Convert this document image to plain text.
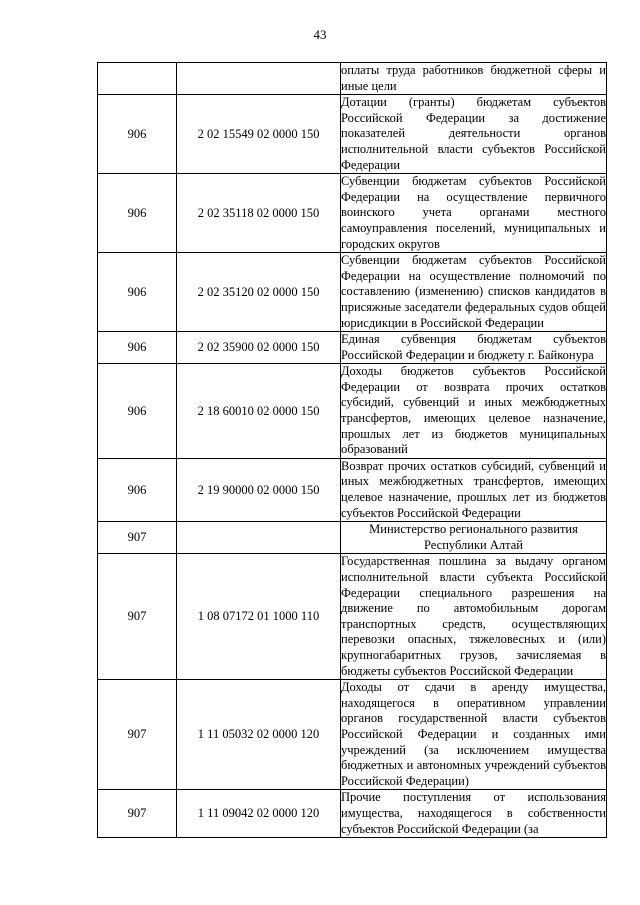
43
		оплаты труда работников бюджетной сферы и иные цели
906	2 02 15549 02 0000 150	Дотации (гранты) бюджетам субъектов Российской Федерации за достижение показателей деятельности органов исполнительной власти субъектов Российской Федерации
906	2 02 35118 02 0000 150	Субвенции бюджетам субъектов Российской Федерации на осуществление первичного воинского учета органами местного самоуправления поселений, муниципальных и городских округов
906	2 02 35120 02 0000 150	Субвенции бюджетам субъектов Российской Федерации на осуществление полномочий по составлению (изменению) списков кандидатов в присяжные заседатели федеральных судов общей юрисдикции в Российской Федерации
906	2 02 35900 02 0000 150	Единая субвенция бюджетам субъектов Российской Федерации и бюджету г. Байконура
906	2 18 60010 02 0000 150	Доходы бюджетов субъектов Российской Федерации от возврата прочих остатков субсидий, субвенций и иных межбюджетных трансфертов, имеющих целевое назначение, прошлых лет из бюджетов муниципальных образований
906	2 19 90000 02 0000 150	Возврат прочих остатков субсидий, субвенций и иных межбюджетных трансфертов, имеющих целевое назначение, прошлых лет из бюджетов субъектов Российской Федерации
907		Министерство регионального развития Республики Алтай
907	1 08 07172 01 1000 110	Государственная пошлина за выдачу органом исполнительной власти субъекта Российской Федерации специального разрешения на движение по автомобильным дорогам транспортных средств, осуществляющих перевозки опасных, тяжеловесных и (или) крупногабаритных грузов, зачисляемая в бюджеты субъектов Российской Федерации
907	1 11 05032 02 0000 120	Доходы от сдачи в аренду имущества, находящегося в оперативном управлении органов государственной власти субъектов Российской Федерации и созданных ими учреждений (за исключением имущества бюджетных и автономных учреждений субъектов Российской Федерации)
907	1 11 09042 02 0000 120	Прочие поступления от использования имущества, находящегося в собственности субъектов Российской Федерации (за
